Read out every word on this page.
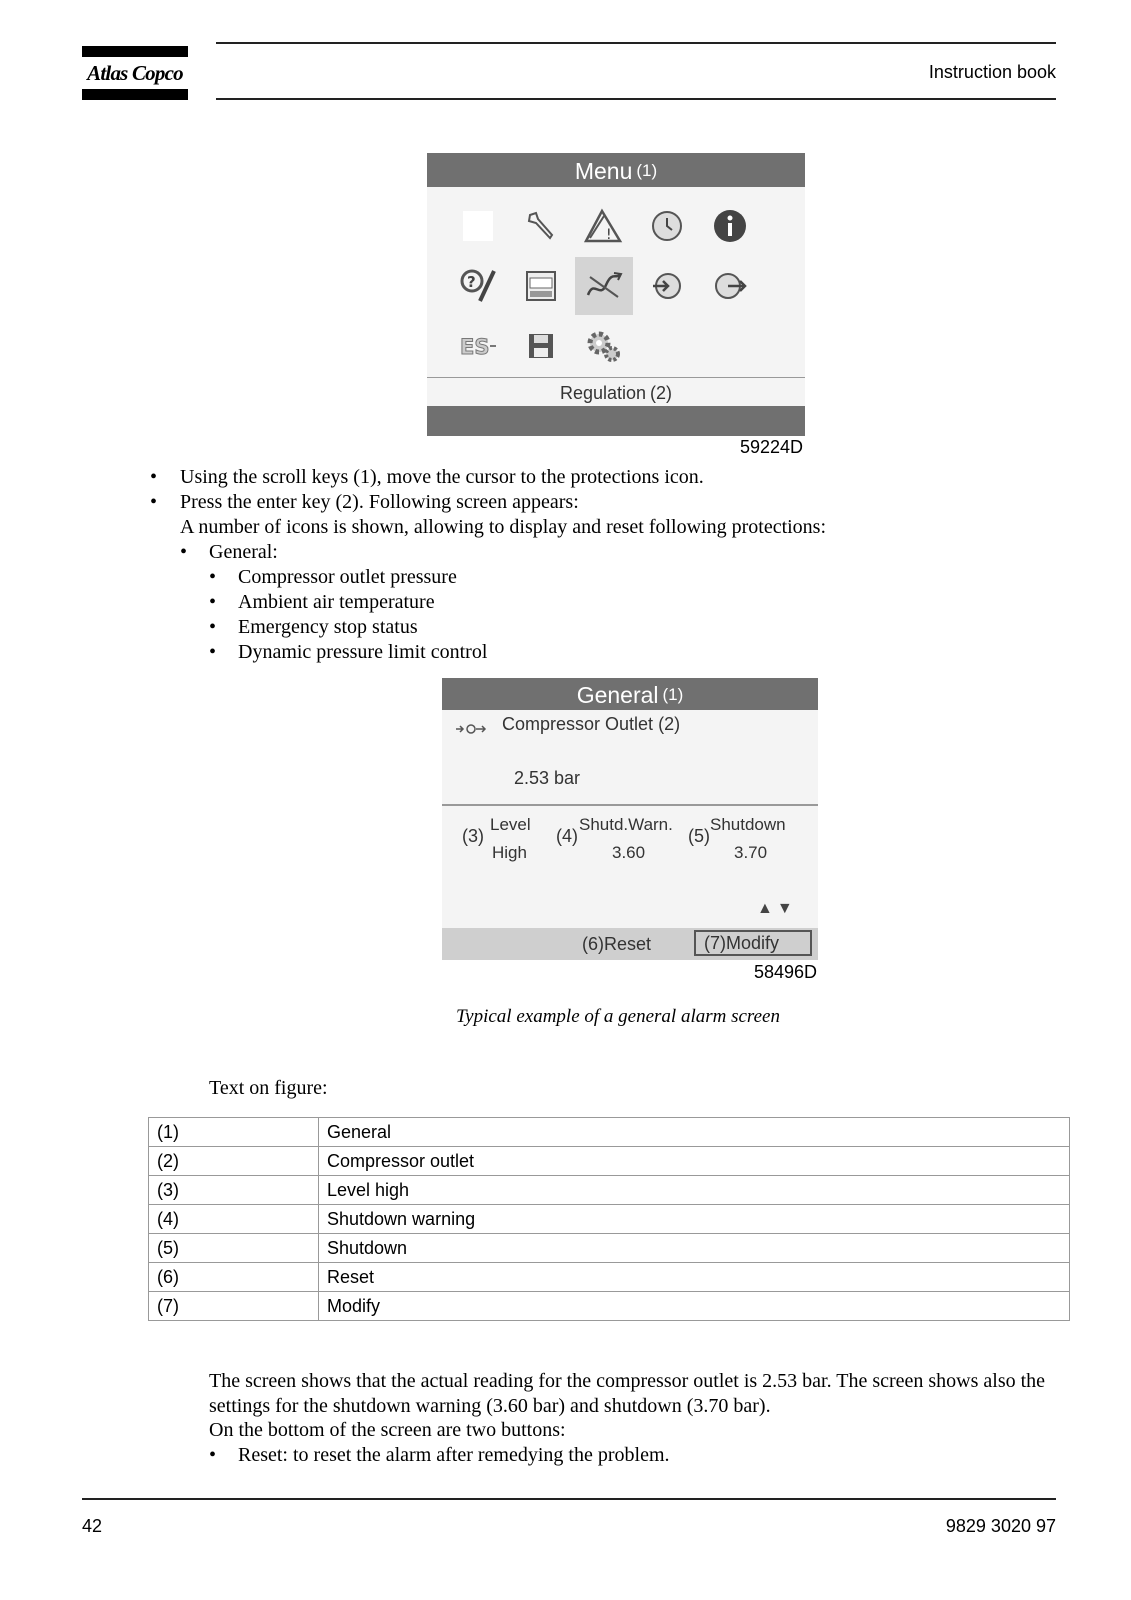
Atlas Copco	Instruction book
Menu (1)
!
?
ES
Regulation (2)
59224D
• Using the scroll keys (1), move the cursor to the protections icon.
• Press the enter key (2). Following screen appears:
A number of icons is shown, allowing to display and reset following protections:
• General:
• Compressor outlet pressure
• Ambient air temperature
• Emergency stop status
• Dynamic pressure limit control
General (1)
Compressor Outlet (2)
2.53 bar
(3)
Level
High
(4)
Shutd.Warn.
3.60
(5)
Shutdown
3.70
▲▼
(6)Reset	(7)Modify
58496D
Typical example of a general alarm screen
Text on figure:
(1)	General
(2)	Compressor outlet
(3)	Level high
(4)	Shutdown warning
(5)	Shutdown
(6)	Reset
(7)	Modify
The screen shows that the actual reading for the compressor outlet is 2.53 bar. The screen shows also the settings for the shutdown warning (3.60 bar) and shutdown (3.70 bar).
On the bottom of the screen are two buttons:
• Reset: to reset the alarm after remedying the problem.
42	9829 3020 97
